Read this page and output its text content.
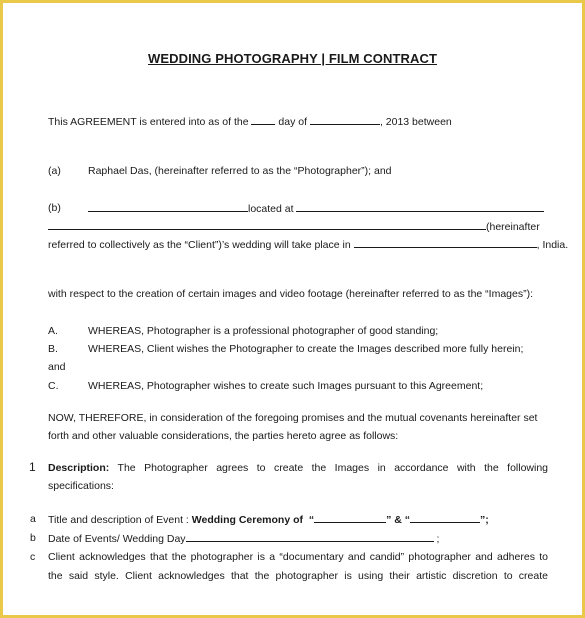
WEDDING PHOTOGRAPHY | FILM CONTRACT
This AGREEMENT is entered into as of the	day of	, 2013 between
(a)	Raphael Das, (hereinafter referred to as the “Photographer”); and
(b)	located at
(hereinafter
referred to collectively as the “Client”)’s wedding will take place in	, India.
with respect to the creation of certain images and video footage (hereinafter referred to as the “Images”):
A.	WHEREAS, Photographer is a professional photographer of good standing;
B.	WHEREAS, Client wishes the Photographer to create the Images described more fully herein;
and
C.	WHEREAS, Photographer wishes to create such Images pursuant to this Agreement;
NOW, THEREFORE, in consideration of the foregoing promises and the mutual covenants hereinafter set
forth and other valuable considerations, the parties hereto agree as follows:
1 Description: The Photographer agrees to create the Images in accordance with the following
specifications:
a Title and description of Event : Wedding Ceremony of “	” & “	”;
b Date of Events/ Wedding Day	;
c Client acknowledges that the photographer is a “documentary and candid” photographer and adheres to
the said style. Client acknowledges that the photographer is using their artistic discretion to create
